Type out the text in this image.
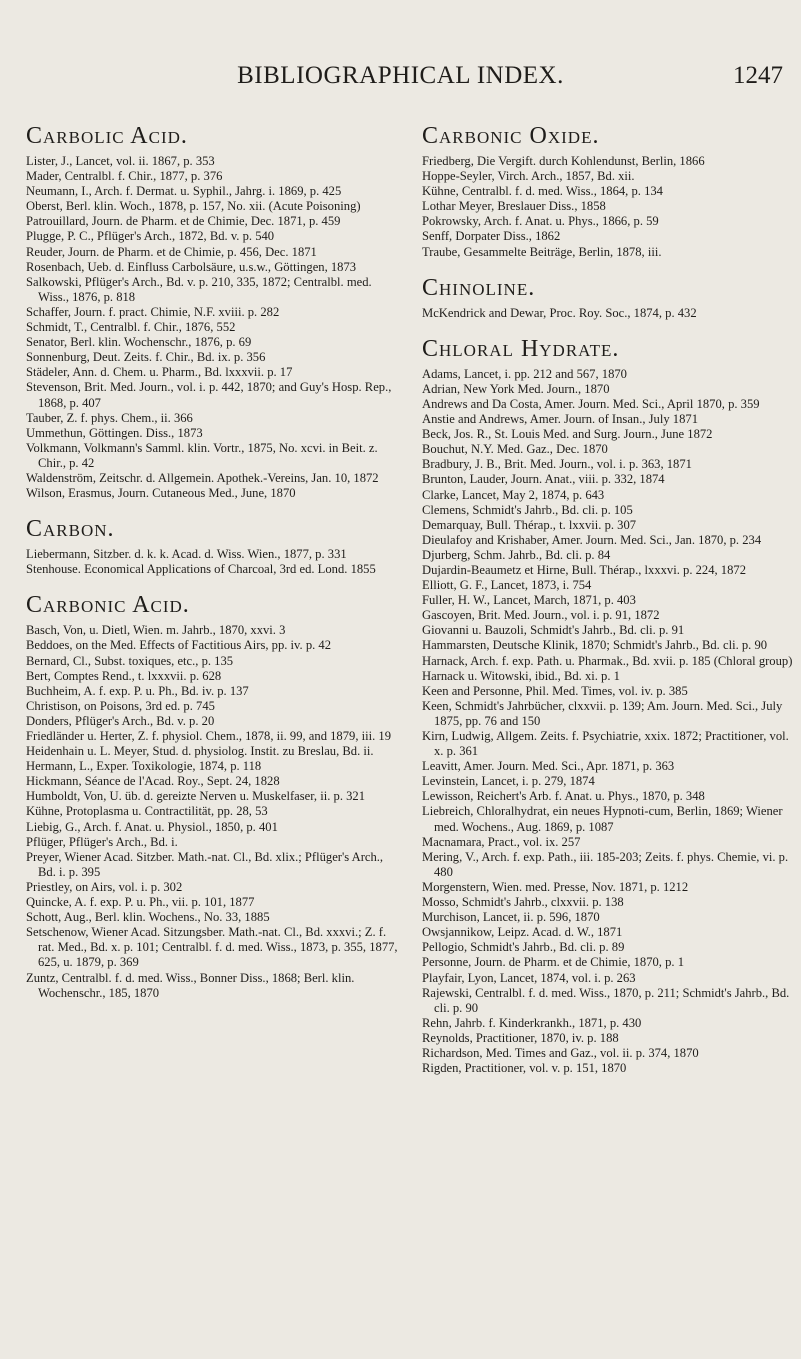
BIBLIOGRAPHICAL INDEX.	1247
Carbolic Acid.
Lister, J., Lancet, vol. ii. 1867, p. 353
Mader, Centralbl. f. Chir., 1877, p. 376
Neumann, I., Arch. f. Dermat. u. Syphil., Jahrg. i. 1869, p. 425
Oberst, Berl. klin. Woch., 1878, p. 157, No. xii. (Acute Poisoning)
Patrouillard, Journ. de Pharm. et de Chimie, Dec. 1871, p. 459
Plugge, P. C., Pflüger's Arch., 1872, Bd. v. p. 540
Reuder, Journ. de Pharm. et de Chimie, p. 456, Dec. 1871
Rosenbach, Ueb. d. Einfluss Carbolsäure, u.s.w., Göttingen, 1873
Salkowski, Pflüger's Arch., Bd. v. p. 210, 335, 1872; Centralbl. med. Wiss., 1876, p. 818
Schaffer, Journ. f. pract. Chimie, N.F. xviii. p. 282
Schmidt, T., Centralbl. f. Chir., 1876, 552
Senator, Berl. klin. Wochenschr., 1876, p. 69
Sonnenburg, Deut. Zeits. f. Chir., Bd. ix. p. 356
Städeler, Ann. d. Chem. u. Pharm., Bd. lxxxvii. p. 17
Stevenson, Brit. Med. Journ., vol. i. p. 442, 1870; and Guy's Hosp. Rep., 1868, p. 407
Tauber, Z. f. phys. Chem., ii. 366
Ummethun, Göttingen. Diss., 1873
Volkmann, Volkmann's Samml. klin. Vortr., 1875, No. xcvi. in Beit. z. Chir., p. 42
Waldenström, Zeitschr. d. Allgemein. Apothek.-Vereins, Jan. 10, 1872
Wilson, Erasmus, Journ. Cutaneous Med., June, 1870
Carbon.
Liebermann, Sitzber. d. k. k. Acad. d. Wiss. Wien., 1877, p. 331
Stenhouse. Economical Applications of Charcoal, 3rd ed. Lond. 1855
Carbonic Acid.
Basch, Von, u. Dietl, Wien. m. Jahrb., 1870, xxvi. 3
Beddoes, on the Med. Effects of Factitious Airs, pp. iv. p. 42
Bernard, Cl., Subst. toxiques, etc., p. 135
Bert, Comptes Rend., t. lxxxvii. p. 628
Buchheim, A. f. exp. P. u. Ph., Bd. iv. p. 137
Christison, on Poisons, 3rd ed. p. 745
Donders, Pflüger's Arch., Bd. v. p. 20
Friedländer u. Herter, Z. f. physiol. Chem., 1878, ii. 99, and 1879, iii. 19
Heidenhain u. L. Meyer, Stud. d. physiolog. Instit. zu Breslau, Bd. ii.
Hermann, L., Exper. Toxikologie, 1874, p. 118
Hickmann, Séance de l'Acad. Roy., Sept. 24, 1828
Humboldt, Von, U. üb. d. gereizte Nerven u. Muskelfaser, ii. p. 321
Kühne, Protoplasma u. Contractilität, pp. 28, 53
Liebig, G., Arch. f. Anat. u. Physiol., 1850, p. 401
Pflüger, Pflüger's Arch., Bd. i.
Preyer, Wiener Acad. Sitzber. Math.-nat. Cl., Bd. xlix.; Pflüger's Arch., Bd. i. p. 395
Priestley, on Airs, vol. i. p. 302
Quincke, A. f. exp. P. u. Ph., vii. p. 101, 1877
Schott, Aug., Berl. klin. Wochens., No. 33, 1885
Setschenow, Wiener Acad. Sitzungsber. Math.-nat. Cl., Bd. xxxvi.; Z. f. rat. Med., Bd. x. p. 101; Centralbl. f. d. med. Wiss., 1873, p. 355, 1877, 625, u. 1879, p. 369
Zuntz, Centralbl. f. d. med. Wiss., Bonner Diss., 1868; Berl. klin. Wochenschr., 185, 1870
Carbonic Oxide.
Friedberg, Die Vergift. durch Kohlendunst, Berlin, 1866
Hoppe-Seyler, Virch. Arch., 1857, Bd. xii.
Kühne, Centralbl. f. d. med. Wiss., 1864, p. 134
Lothar Meyer, Breslauer Diss., 1858
Pokrowsky, Arch. f. Anat. u. Phys., 1866, p. 59
Senff, Dorpater Diss., 1862
Traube, Gesammelte Beiträge, Berlin, 1878, iii.
Chinoline.
McKendrick and Dewar, Proc. Roy. Soc., 1874, p. 432
Chloral Hydrate.
Adams, Lancet, i. pp. 212 and 567, 1870
Adrian, New York Med. Journ., 1870
Andrews and Da Costa, Amer. Journ. Med. Sci., April 1870, p. 359
Anstie and Andrews, Amer. Journ. of Insan., July 1871
Beck, Jos. R., St. Louis Med. and Surg. Journ., June 1872
Bouchut, N.Y. Med. Gaz., Dec. 1870
Bradbury, J. B., Brit. Med. Journ., vol. i. p. 363, 1871
Brunton, Lauder, Journ. Anat., viii. p. 332, 1874
Clarke, Lancet, May 2, 1874, p. 643
Clemens, Schmidt's Jahrb., Bd. cli. p. 105
Demarquay, Bull. Thérap., t. lxxvii. p. 307
Dieulafoy and Krishaber, Amer. Journ. Med. Sci., Jan. 1870, p. 234
Djurberg, Schm. Jahrb., Bd. cli. p. 84
Dujardin-Beaumetz et Hirne, Bull. Thérap., lxxxvi. p. 224, 1872
Elliott, G. F., Lancet, 1873, i. 754
Fuller, H. W., Lancet, March, 1871, p. 403
Gascoyen, Brit. Med. Journ., vol. i. p. 91, 1872
Giovanni u. Bauzoli, Schmidt's Jahrb., Bd. cli. p. 91
Hammarsten, Deutsche Klinik, 1870; Schmidt's Jahrb., Bd. cli. p. 90
Harnack, Arch. f. exp. Path. u. Pharmak., Bd. xvii. p. 185 (Chloral group)
Harnack u. Witowski, ibid., Bd. xi. p. 1
Keen and Personne, Phil. Med. Times, vol. iv. p. 385
Keen, Schmidt's Jahrbücher, clxxvii. p. 139; Am. Journ. Med. Sci., July 1875, pp. 76 and 150
Kirn, Ludwig, Allgem. Zeits. f. Psychiatrie, xxix. 1872; Practitioner, vol. x. p. 361
Leavitt, Amer. Journ. Med. Sci., Apr. 1871, p. 363
Levinstein, Lancet, i. p. 279, 1874
Lewisson, Reichert's Arb. f. Anat. u. Phys., 1870, p. 348
Liebreich, Chloralhydrat, ein neues Hypnoti-cum, Berlin, 1869; Wiener med. Wochens., Aug. 1869, p. 1087
Macnamara, Pract., vol. ix. 257
Mering, V., Arch. f. exp. Path., iii. 185-203; Zeits. f. phys. Chemie, vi. p. 480
Morgenstern, Wien. med. Presse, Nov. 1871, p. 1212
Mosso, Schmidt's Jahrb., clxxvii. p. 138
Murchison, Lancet, ii. p. 596, 1870
Owsjannikow, Leipz. Acad. d. W., 1871
Pellogio, Schmidt's Jahrb., Bd. cli. p. 89
Personne, Journ. de Pharm. et de Chimie, 1870, p. 1
Playfair, Lyon, Lancet, 1874, vol. i. p. 263
Rajewski, Centralbl. f. d. med. Wiss., 1870, p. 211; Schmidt's Jahrb., Bd. cli. p. 90
Rehn, Jahrb. f. Kinderkrankh., 1871, p. 430
Reynolds, Practitioner, 1870, iv. p. 188
Richardson, Med. Times and Gaz., vol. ii. p. 374, 1870
Rigden, Practitioner, vol. v. p. 151, 1870
